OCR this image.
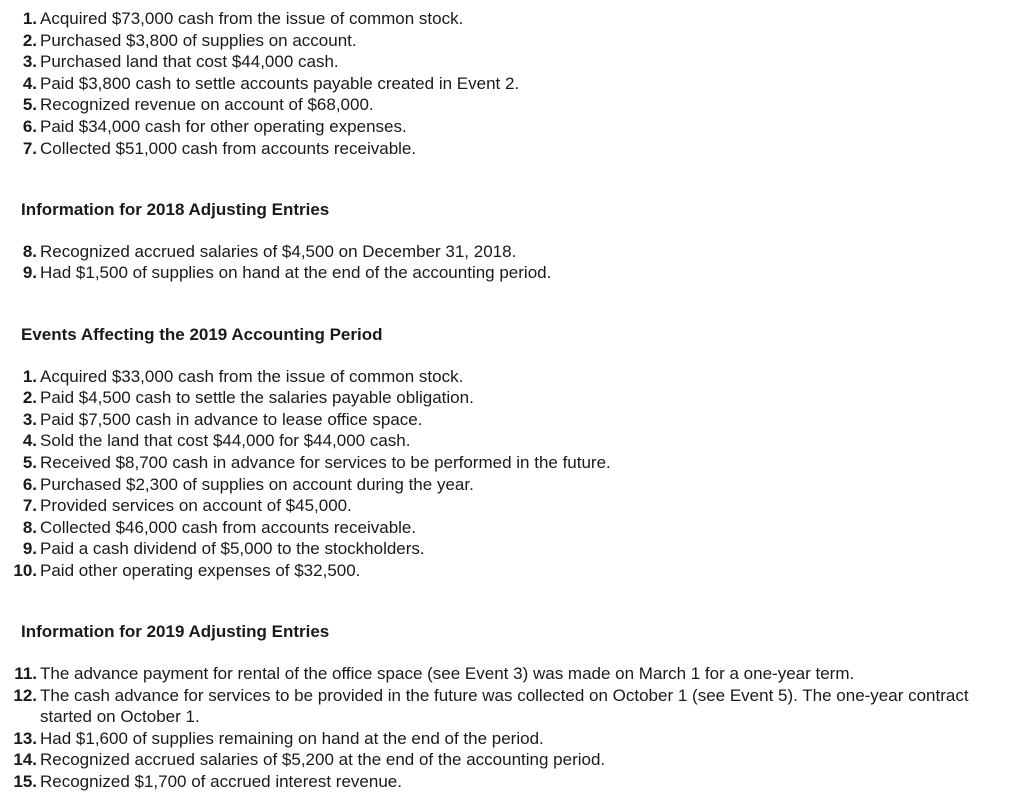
1. Acquired $73,000 cash from the issue of common stock.
2. Purchased $3,800 of supplies on account.
3. Purchased land that cost $44,000 cash.
4. Paid $3,800 cash to settle accounts payable created in Event 2.
5. Recognized revenue on account of $68,000.
6. Paid $34,000 cash for other operating expenses.
7. Collected $51,000 cash from accounts receivable.
Information for 2018 Adjusting Entries
8. Recognized accrued salaries of $4,500 on December 31, 2018.
9. Had $1,500 of supplies on hand at the end of the accounting period.
Events Affecting the 2019 Accounting Period
1. Acquired $33,000 cash from the issue of common stock.
2. Paid $4,500 cash to settle the salaries payable obligation.
3. Paid $7,500 cash in advance to lease office space.
4. Sold the land that cost $44,000 for $44,000 cash.
5. Received $8,700 cash in advance for services to be performed in the future.
6. Purchased $2,300 of supplies on account during the year.
7. Provided services on account of $45,000.
8. Collected $46,000 cash from accounts receivable.
9. Paid a cash dividend of $5,000 to the stockholders.
10. Paid other operating expenses of $32,500.
Information for 2019 Adjusting Entries
11. The advance payment for rental of the office space (see Event 3) was made on March 1 for a one-year term.
12. The cash advance for services to be provided in the future was collected on October 1 (see Event 5). The one-year contract started on October 1.
13. Had $1,600 of supplies remaining on hand at the end of the period.
14. Recognized accrued salaries of $5,200 at the end of the accounting period.
15. Recognized $1,700 of accrued interest revenue.
